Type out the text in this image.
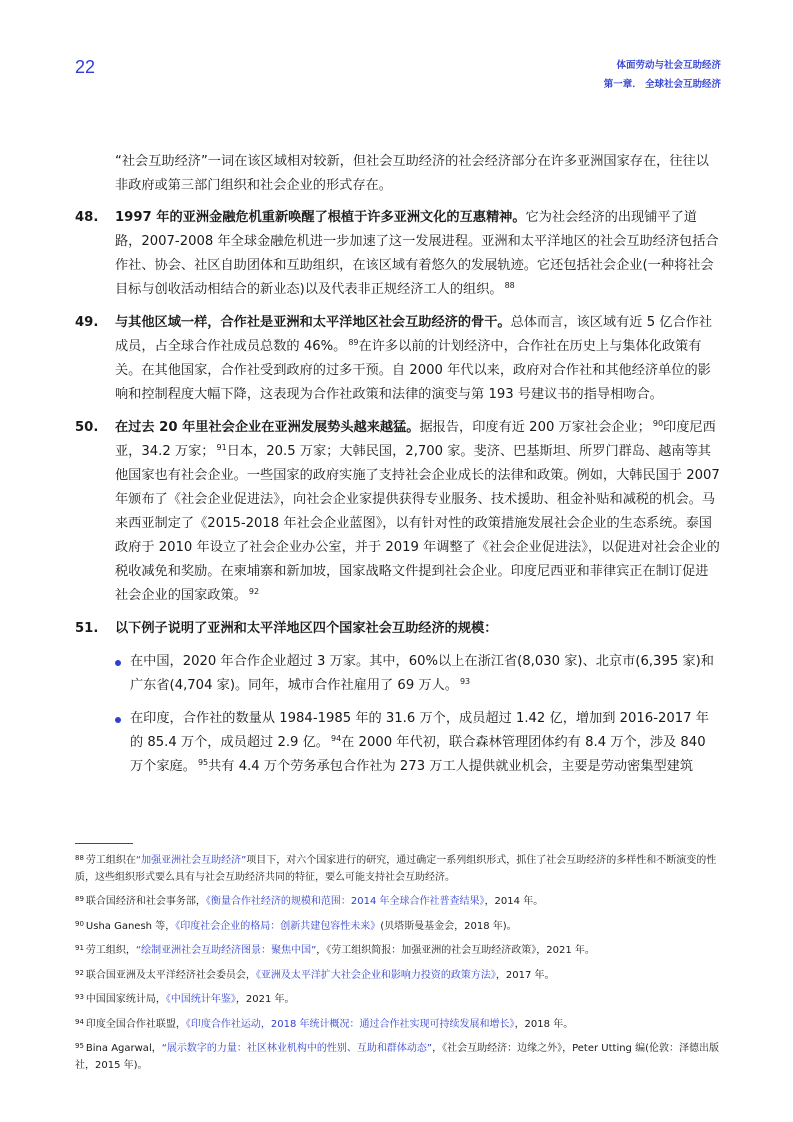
22	体面劳动与社会互助经济
第一章． 全球社会互助经济

“社会互助经济”一词在该区域相对较新，但社会互助经济的社会经济部分在许多亚洲国家存在，往往以非政府或第三部门组织和社会企业的形式存在。

48. 1997 年的亚洲金融危机重新唤醒了根植于许多亚洲文化的互惠精神。它为社会经济的出现铺平了道路，2007-2008 年全球金融危机进一步加速了这一发展进程。亚洲和太平洋地区的社会互助经济包括合作社、协会、社区自助团体和互助组织，在该区域有着悠久的发展轨迹。它还包括社会企业(一种将社会目标与创收活动相结合的新业态)以及代表非正规经济工人的组织。 $^{88}$
49. 与其他区域一样，合作社是亚洲和太平洋地区社会互助经济的骨干。总体而言，该区域有近 5 亿合作社成员，占全球合作社成员总数的 46%。 $^{89}$在许多以前的计划经济中，合作社在历史上与集体化政策有关。在其他国家，合作社受到政府的过多干预。自 2000 年代以来，政府对合作社和其他经济单位的影响和控制程度大幅下降，这表现为合作社政策和法律的演变与第 193 号建议书的指导相吻合。
50. 在过去 20 年里社会企业在亚洲发展势头越来越猛。据报告，印度有近 200 万家社会企业； $^{90}$印度尼西亚，34.2 万家； $^{91}$日本，20.5 万家；大韩民国，2,700 家。斐济、巴基斯坦、所罗门群岛、越南等其他国家也有社会企业。一些国家的政府实施了支持社会企业成长的法律和政策。例如，大韩民国于 2007 年颁布了《社会企业促进法》，向社会企业家提供获得专业服务、技术援助、租金补贴和减税的机会。马来西亚制定了《2015-2018 年社会企业蓝图》，以有针对性的政策措施发展社会企业的生态系统。泰国政府于 2010 年设立了社会企业办公室，并于 2019 年调整了《社会企业促进法》，以促进对社会企业的税收减免和奖励。在柬埔寨和新加坡，国家战略文件提到社会企业。印度尼西亚和菲律宾正在制订促进社会企业的国家政策。 $^{92}$
51. 以下例子说明了亚洲和太平洋地区四个国家社会互助经济的规模：
在中国，2020 年合作企业超过 3 万家。其中，60%以上在浙江省(8,030 家)、北京市(6,395 家)和广东省(4,704 家)。同年，城市合作社雇用了 69 万人。 $^{93}$
在印度，合作社的数量从 1984-1985 年的 31.6 万个，成员超过 1.42 亿，增加到 2016-2017 年的 85.4 万个，成员超过 2.9 亿。 $^{94}$在 2000 年代初，联合森林管理团体约有 8.4 万个，涉及 840 万个家庭。 $^{95}$共有 4.4 万个劳务承包合作社为 273 万工人提供就业机会，主要是劳动密集型建筑
$^{88}$ 劳工组织在“加强亚洲社会互助经济”项目下，对六个国家进行的研究，通过确定一系列组织形式，抓住了社会互助经济的多样性和不断演变的性质，这些组织形式要么具有与社会互助经济共同的特征，要么可能支持社会互助经济。
$^{89}$ 联合国经济和社会事务部，《衡量合作社经济的规模和范围：2014 年全球合作社普查结果》，2014 年。
$^{90}$ Usha Ganesh 等，《印度社会企业的格局：创新共建包容性未来》(贝塔斯曼基金会，2018 年)。
$^{91}$ 劳工组织，“绘制亚洲社会互助经济图景：聚焦中国”，《劳工组织简报：加强亚洲的社会互助经济政策》，2021 年。
$^{92}$ 联合国亚洲及太平洋经济社会委员会，《亚洲及太平洋扩大社会企业和影响力投资的政策方法》，2017 年。
$^{93}$ 中国国家统计局，《中国统计年鉴》，2021 年。
$^{94}$ 印度全国合作社联盟，《印度合作社运动，2018 年统计概况：通过合作社实现可持续发展和增长》，2018 年。
$^{95}$ Bina Agarwal，“展示数字的力量：社区林业机构中的性别、互助和群体动态”，《社会互助经济：边缘之外》，Peter Utting 编(伦敦：泽德出版社，2015 年)。
